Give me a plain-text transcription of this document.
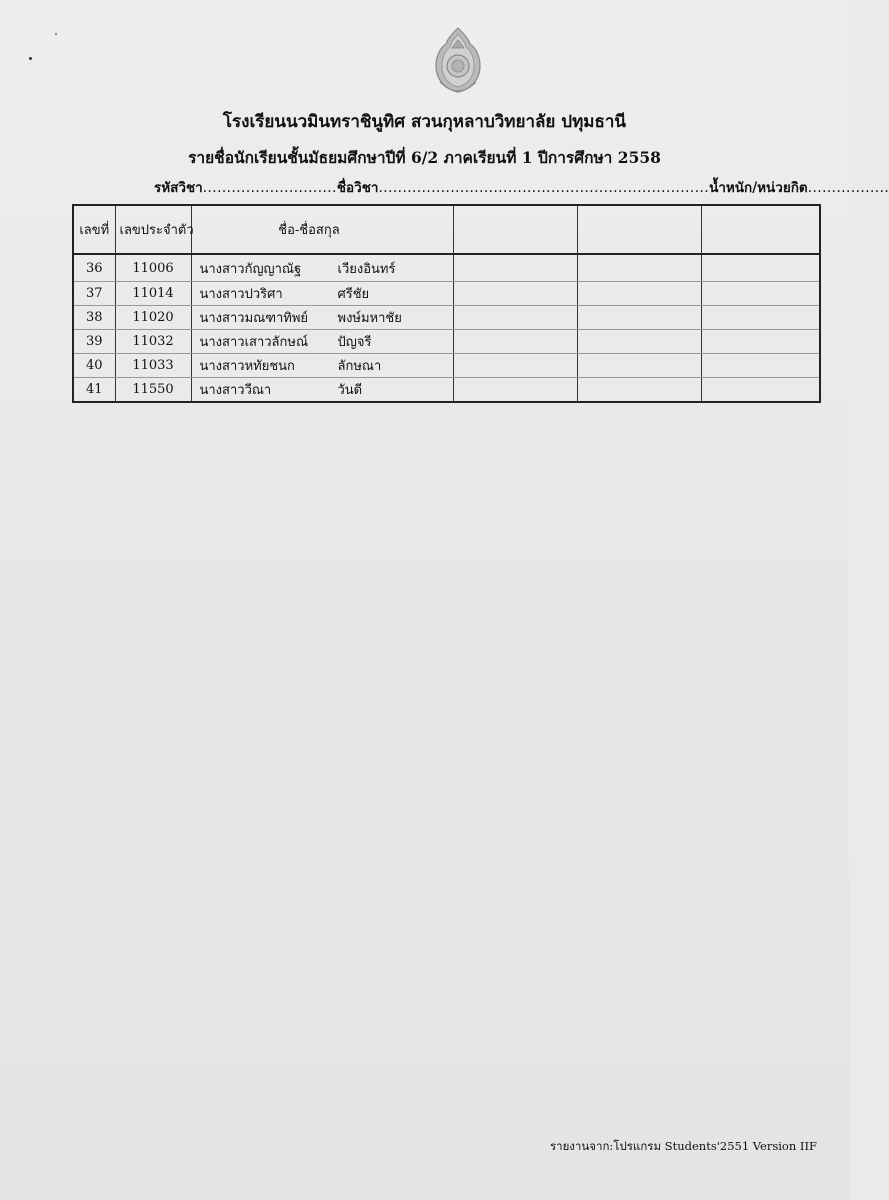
โรงเรียนนวมินทราชินูทิศ สวนกุหลาบวิทยาลัย ปทุมธานี
รายชื่อนักเรียนชั้นมัธยมศึกษาปีที่ 6/2 ภาคเรียนที่ 1 ปีการศึกษา 2558
รหัสวิชา............................ชื่อวิชา.....................................................................น้ำหนัก/หน่วยกิต.................
เลขที่	เลขประจำตัว	ชื่อ-ชื่อสกุล			
36	11006	นางสาวกัญญาณัฐ เวียงอินทร์			
37	11014	นางสาวปวริศา ศรีชัย			
38	11020	นางสาวมณฑาทิพย์ พงษ์มหาชัย			
39	11032	นางสาวเสาวลักษณ์ ปัญจรี			
40	11033	นางสาวหทัยชนก ลักษณา			
41	11550	นางสาววีณา วันดี			
รายงานจาก:โปรแกรม Students'2551 Version IIF
